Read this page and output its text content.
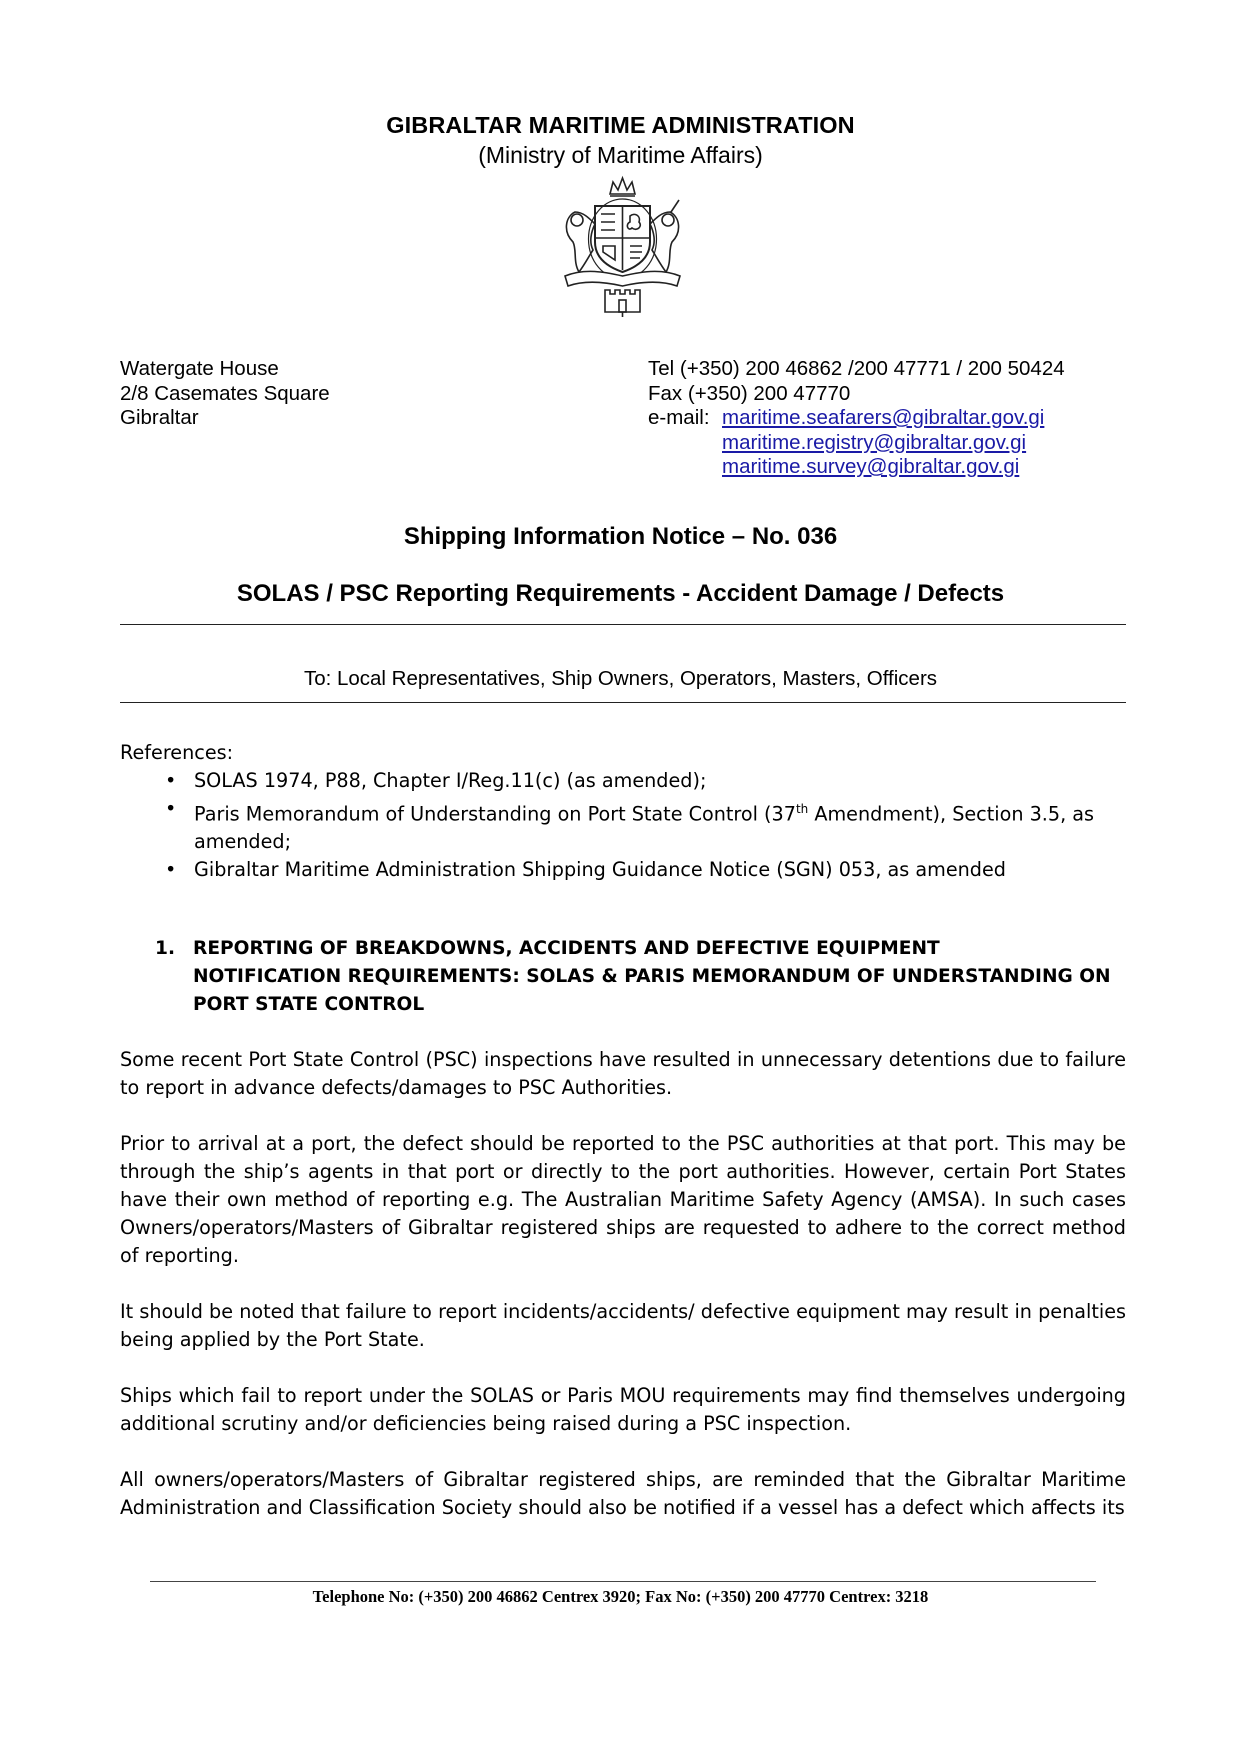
GIBRALTAR MARITIME ADMINISTRATION
(Ministry of Maritime Affairs)
Watergate House
2/8 Casemates Square
Gibraltar
Tel (+350) 200 46862 /200 47771 / 200 50424
Fax (+350) 200 47770
e-mail: maritime.seafarers@gibraltar.gov.gi
maritime.registry@gibraltar.gov.gi
maritime.survey@gibraltar.gov.gi
Shipping Information Notice – No. 036
SOLAS / PSC Reporting Requirements - Accident Damage / Defects
To: Local Representatives, Ship Owners, Operators, Masters, Officers
References:
• SOLAS 1974, P88, Chapter I/Reg.11(c) (as amended);
• Paris Memorandum of Understanding on Port State Control (37th Amendment), Section 3.5, as amended;
• Gibraltar Maritime Administration Shipping Guidance Notice (SGN) 053, as amended
1. REPORTING OF BREAKDOWNS, ACCIDENTS AND DEFECTIVE EQUIPMENT
NOTIFICATION REQUIREMENTS: SOLAS & PARIS MEMORANDUM OF UNDERSTANDING ON PORT STATE CONTROL
Some recent Port State Control (PSC) inspections have resulted in unnecessary detentions due to failure to report in advance defects/damages to PSC Authorities.
Prior to arrival at a port, the defect should be reported to the PSC authorities at that port. This may be through the ship’s agents in that port or directly to the port authorities. However, certain Port States have their own method of reporting e.g. The Australian Maritime Safety Agency (AMSA). In such cases Owners/operators/Masters of Gibraltar registered ships are requested to adhere to the correct method of reporting.
It should be noted that failure to report incidents/accidents/ defective equipment may result in penalties being applied by the Port State.
Ships which fail to report under the SOLAS or Paris MOU requirements may find themselves undergoing additional scrutiny and/or deficiencies being raised during a PSC inspection.
All owners/operators/Masters of Gibraltar registered ships, are reminded that the Gibraltar Maritime Administration and Classification Society should also be notified if a vessel has a defect which affects its
Telephone No: (+350) 200 46862 Centrex 3920; Fax No: (+350) 200 47770 Centrex: 3218
